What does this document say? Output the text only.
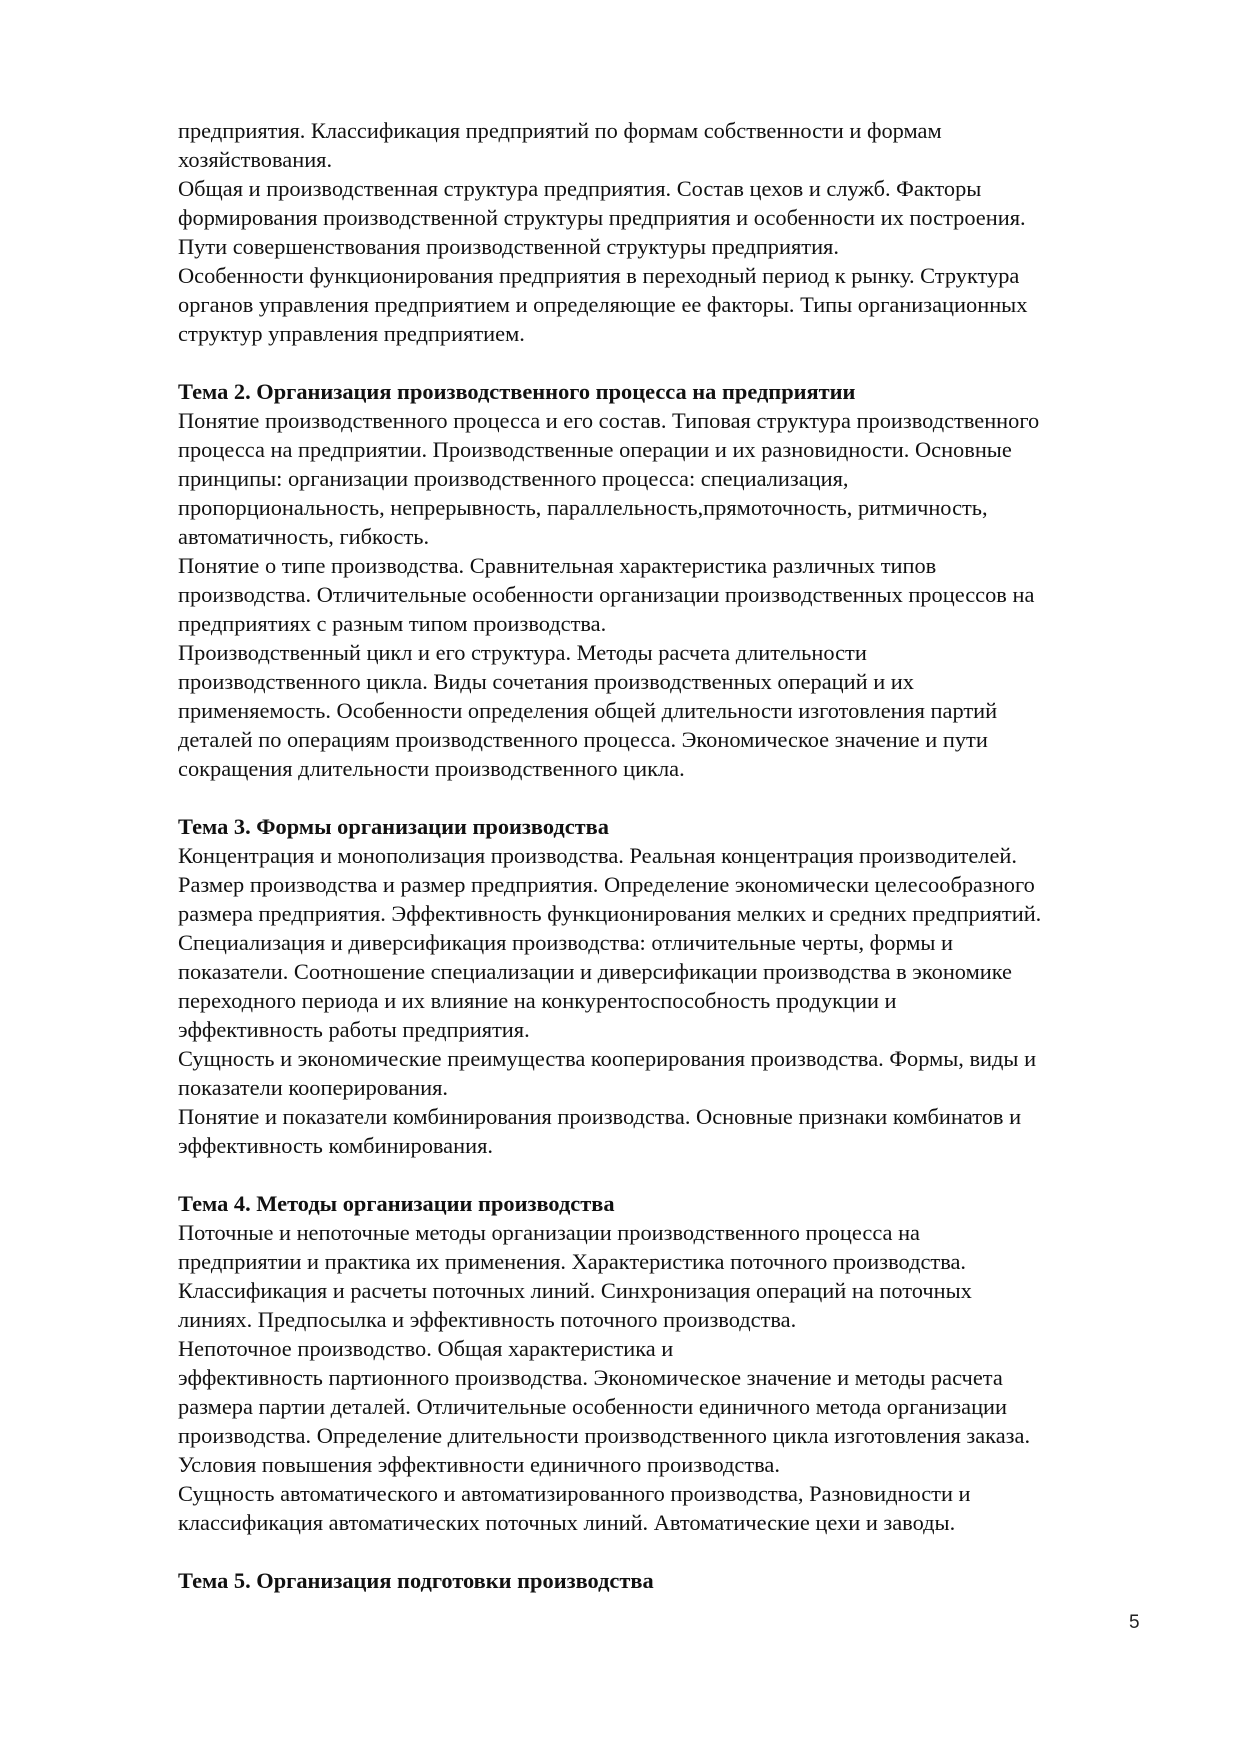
предприятия. Классификация предприятий по формам собственности и формам
хозяйствования.

Общая и производственная структура предприятия. Состав цехов и служб. Факторы
формирования производственной структуры предприятия и особенности их построения.
Пути совершенствования производственной структуры предприятия.

Особенности функционирования предприятия в переходный период к рынку. Структура
органов управления предприятием и определяющие ее факторы. Типы организационных
структур управления предприятием.

Тема 2. Организация производственного процесса на предприятии

Понятие производственного процесса и его состав. Типовая структура производственного
процесса на предприятии. Производственные операции и их разновидности. Основные
принципы: организации производственного процесса: специализация,
пропорциональность, непрерывность, параллельность,прямоточность, ритмичность,
автоматичность, гибкость.

Понятие о типе производства. Сравнительная характеристика различных типов
производства. Отличительные особенности организации производственных процессов на
предприятиях с разным типом производства.

Производственный цикл и его структура. Методы расчета длительности
производственного цикла. Виды сочетания производственных операций и их
применяемость. Особенности определения общей длительности изготовления партий
деталей по операциям производственного процесса. Экономическое значение и пути
сокращения длительности производственного цикла.

Тема 3. Формы организации производства

Концентрация и монополизация производства. Реальная концентрация производителей.
Размер производства и размер предприятия. Определение экономически целесообразного
размера предприятия. Эффективность функционирования мелких и средних предприятий.

Специализация и диверсификация производства: отличительные черты, формы и
показатели. Соотношение специализации и диверсификации производства в экономике
переходного периода и их влияние на конкурентоспособность продукции и
эффективность работы предприятия.

Сущность и экономические преимущества кооперирования производства. Формы, виды и
показатели кооперирования.

Понятие и показатели комбинирования производства. Основные признаки комбинатов и
эффективность комбинирования.

Тема 4. Методы организации производства

Поточные и непоточные методы организации производственного процесса на
предприятии и практика их применения. Характеристика поточного производства.
Классификация и расчеты поточных линий. Синхронизация операций на поточных
линиях. Предпосылка и эффективность поточного производства.

Непоточное производство. Общая характеристика и
эффективность партионного производства. Экономическое значение и методы расчета
размера партии деталей. Отличительные особенности единичного метода организации
производства. Определение длительности производственного цикла изготовления заказа.
Условия повышения эффективности единичного производства.

Сущность автоматического и автоматизированного производства, Разновидности и
классификация автоматических поточных линий. Автоматические цехи и заводы.

Тема 5. Организация подготовки производства
5
